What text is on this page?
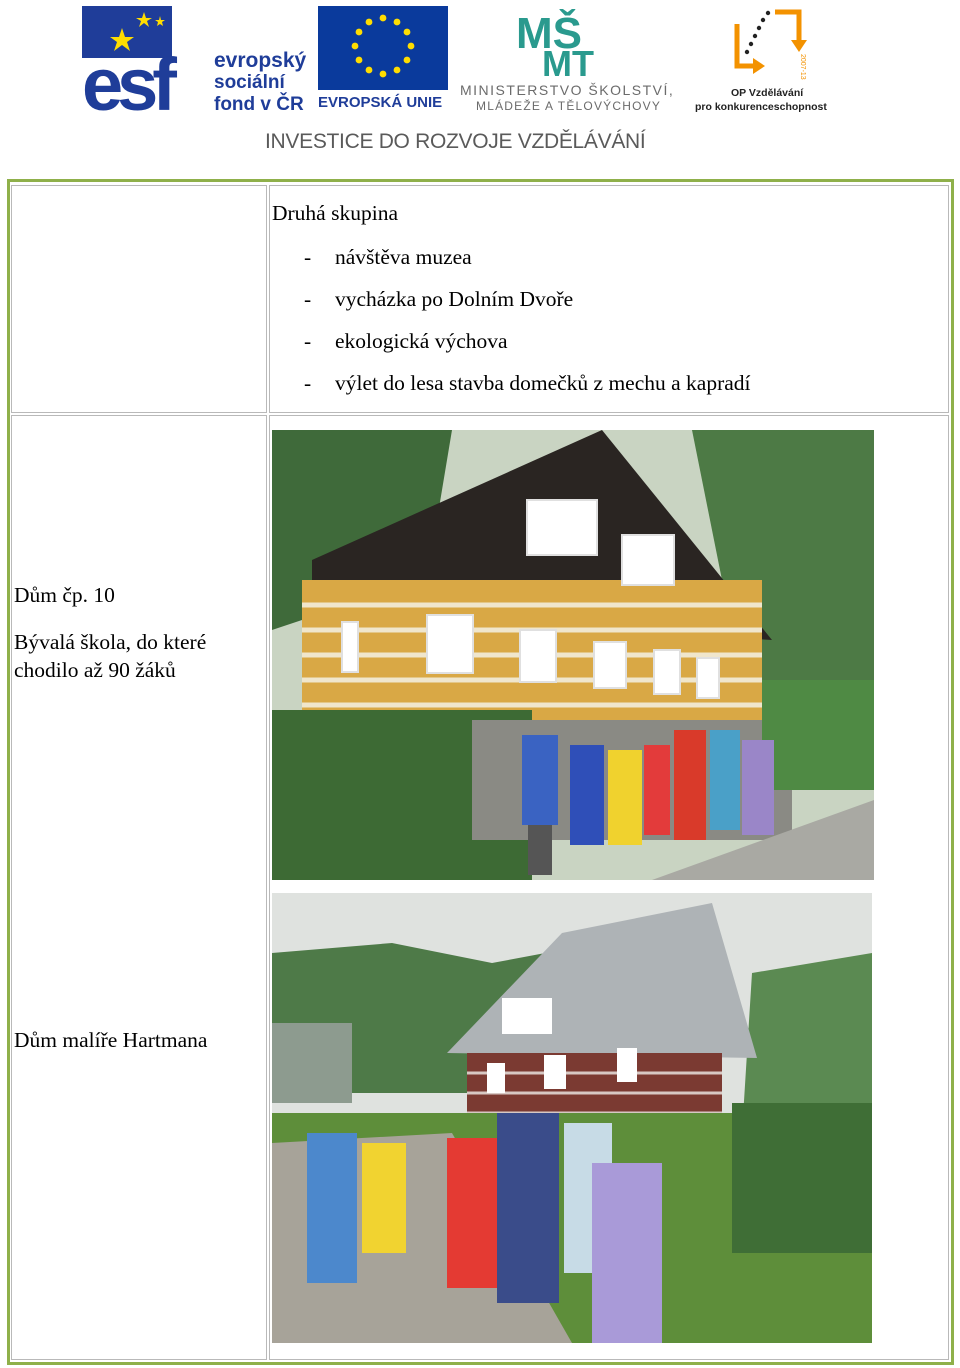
esf	evropský
sociální
fond v ČR EVROPSKÁ UNIE
MŠ
MT
MINISTERSTVO ŠKOLSTVÍ,
MLÁDEŽE A TĚLOVÝCHOVY
2007-13
OP Vzdělávání
pro konkurenceschopnost
INVESTICE DO ROZVOJE VZDĚLÁVÁNÍ
Druhá skupina
- návštěva muzea
- vycházka po Dolním Dvoře
- ekologická výchova
- výlet do lesa stavba domečků z mechu a kapradí
Dům čp. 10
Bývalá škola, do které chodilo až 90 žáků
Dům malíře Hartmana
